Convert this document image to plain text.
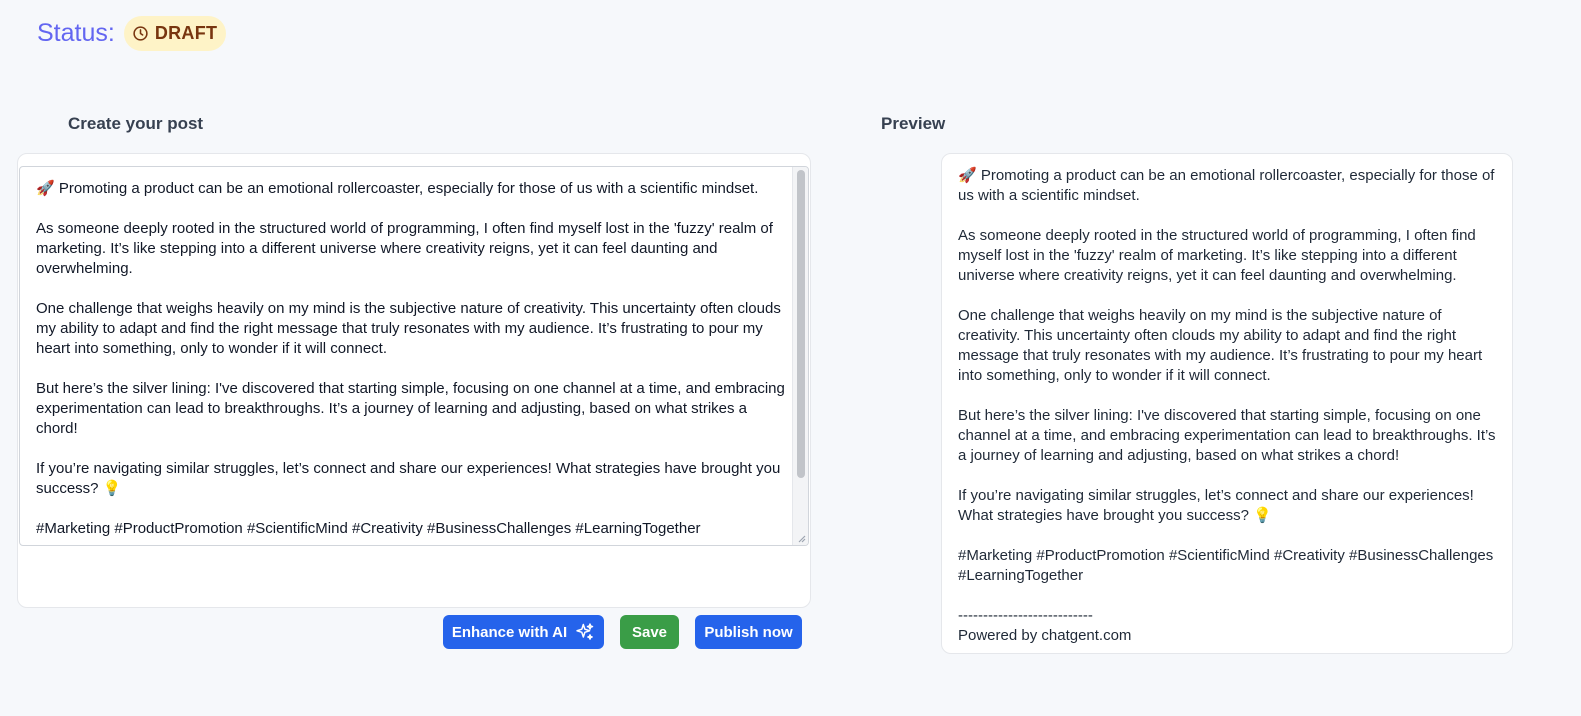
Status: DRAFT
Create your post	Preview
🚀 Promoting a product can be an emotional rollercoaster, especially for those of us with a scientific mindset.

As someone deeply rooted in the structured world of programming, I often find myself lost in the 'fuzzy' realm of marketing. It’s like stepping into a different universe where creativity reigns, yet it can feel daunting and overwhelming.

One challenge that weighs heavily on my mind is the subjective nature of creativity. This uncertainty often clouds my ability to adapt and find the right message that truly resonates with my audience. It’s frustrating to pour my heart into something, only to wonder if it will connect.

But here’s the silver lining: I've discovered that starting simple, focusing on one channel at a time, and embracing experimentation can lead to breakthroughs. It’s a journey of learning and adjusting, based on what strikes a chord!

If you’re navigating similar struggles, let’s connect and share our experiences! What strategies have brought you success? 💡

#Marketing #ProductPromotion #ScientificMind #Creativity #BusinessChallenges #LearningTogether
Enhance with AI	Save	Publish now
🚀 Promoting a product can be an emotional rollercoaster, especially for those of us with a scientific mindset.

As someone deeply rooted in the structured world of programming, I often find myself lost in the 'fuzzy' realm of marketing. It’s like stepping into a different universe where creativity reigns, yet it can feel daunting and overwhelming.

One challenge that weighs heavily on my mind is the subjective nature of creativity. This uncertainty often clouds my ability to adapt and find the right message that truly resonates with my audience. It’s frustrating to pour my heart into something, only to wonder if it will connect.

But here’s the silver lining: I've discovered that starting simple, focusing on one channel at a time, and embracing experimentation can lead to breakthroughs. It’s a journey of learning and adjusting, based on what strikes a chord!

If you’re navigating similar struggles, let’s connect and share our experiences! What strategies have brought you success? 💡

#Marketing #ProductPromotion #ScientificMind #Creativity #BusinessChallenges #LearningTogether

---------------------------
Powered by chatgent.com
